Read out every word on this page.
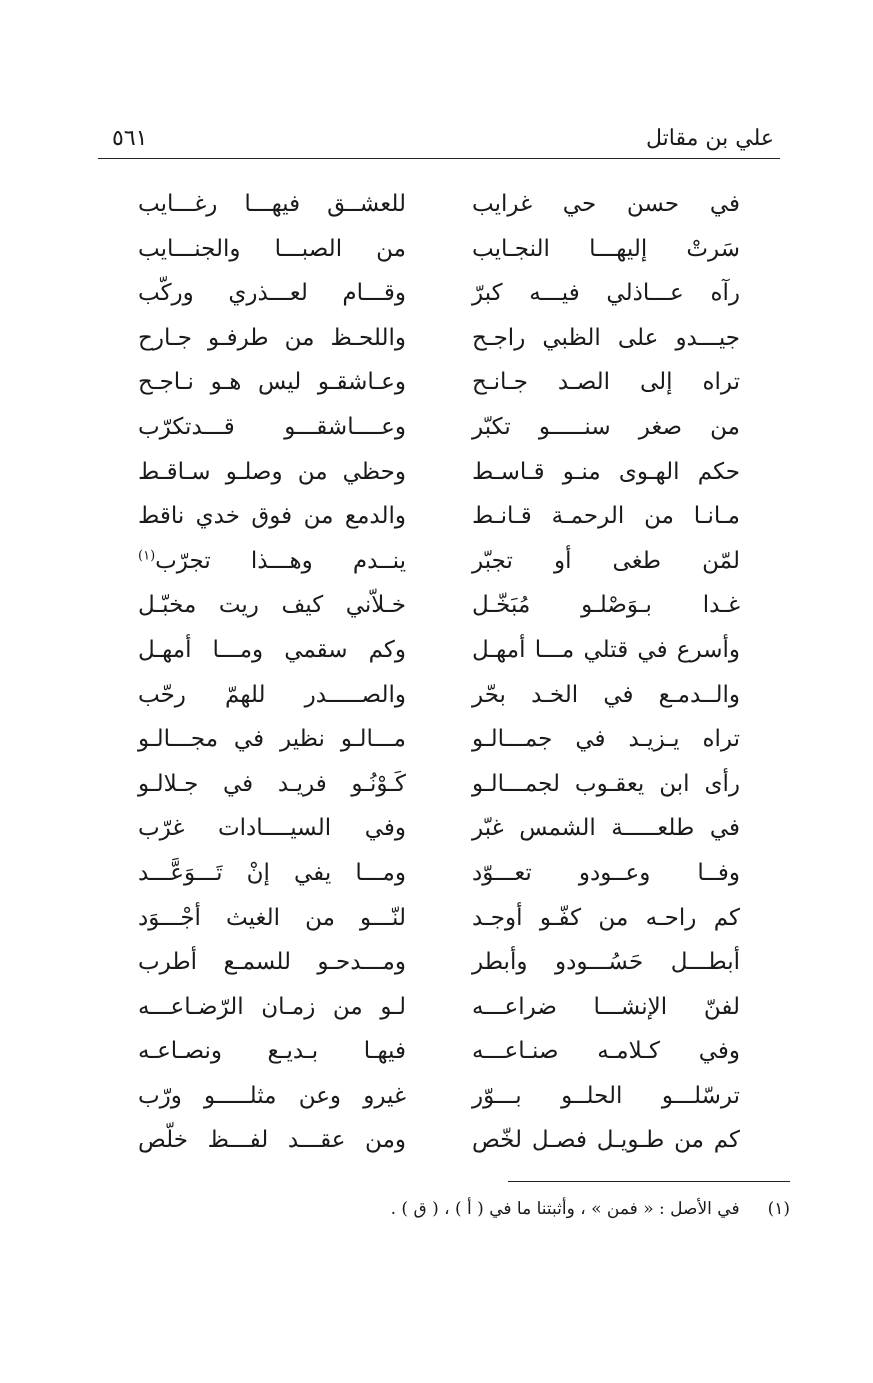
٥٦١	علي بن مقاتل
في حسن حي غرايب
للعشــق فيهـــا رغـــايب
سَرتْ إليهـــا النجـايب
من الصبـــا والجنـــايب
رآه عـــاذلي فيـــه كبرّ
وقـــام لعـــذري وركّب
جيـــدو على الظبي راجـح
واللحـظ من طرفـو جـارح
تراه إلى الصـد جـانـح
وعـاشقـو ليس هـو نـاجـح
من صغر سنـــــو تكبّر
وعــــاشقـــو قـــدتكرّب
حكم الهـوى منـو قـاسـط
وحظي من وصلـو سـاقـط
مـانـا من الرحمـة قـانـط
والدمع من فوق خدي ناقط
لمّن طغى أو تجبّر
ينــدم وهـــذا تجرّب$^{(١)}$
غـدا بـوَصْلـو مُبَخّـل
خـلاّني كيف ريت مخبّـل
وأسرع في قتلي مـــا أمهـل
وكم سقمي ومـــا أمهـل
والــدمـع في الخـد بحّر
والصـــــدر للهمّ رحّب
تراه يـزيـد في جمـــالـو
مـــالـو نظير في مجـــالـو
رأى ابن يعقـوب لجمـــالـو
كَـوْنُـو فريـد في جـلالـو
في طلعـــــة الشمس غبّر
وفي السيــــادات غرّب
وفــا وعــودو تعـــوّد
ومـــا يفي إنْ تَـــوَعَّـــد
كم راحـه من كفّـو أوجـد
لنّـــو من الغيث أجْـــوَد
أبطـــل حَسُـــودو وأبطر
ومـــدحـو للسمـع أطرب
لفنّ الإنشـــا ضراعـــه
لـو من زمـان الرّضـاعـــه
وفي كـلامـه صنـاعـــه
فيهـا بـديـع ونصـاعـه
ترسّلـــو الحلــو بـــوّر
غيرو وعن مثلـــــو ورّب
كم من طـويـل فصـل لخّص
ومن عقـــد لفـــظ خلّص
(١)في الأصل : « فمن » ، وأثبتنا ما في ( أ ) ، ( ق ) .
